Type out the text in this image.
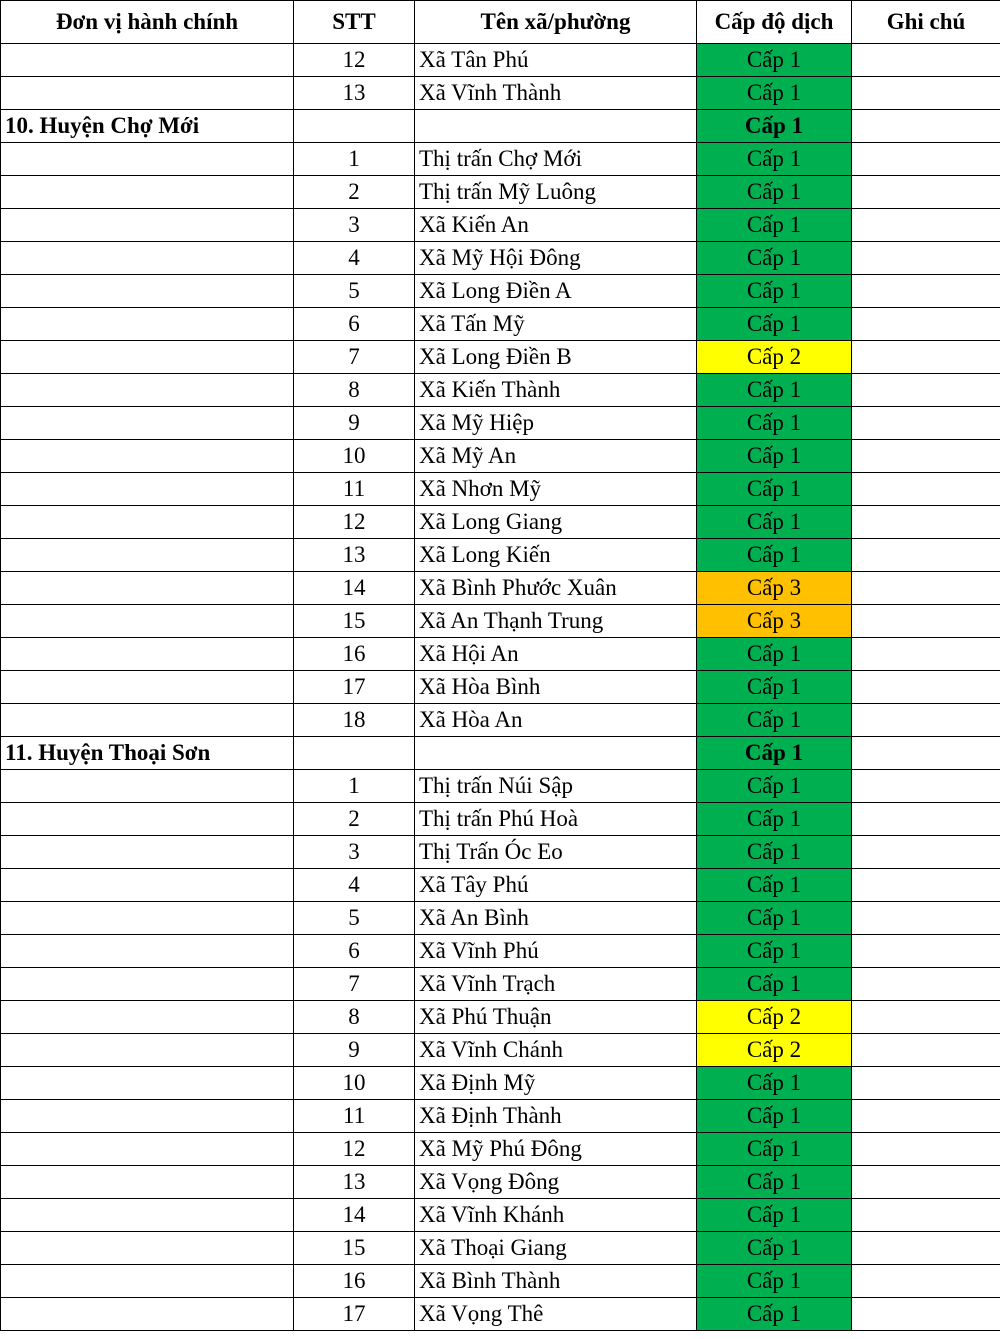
Đơn vị hành chính	STT	Tên xã/phường	Cấp độ dịch	Ghi chú
	12	Xã Tân Phú	Cấp 1	
	13	Xã Vĩnh Thành	Cấp 1	
10. Huyện Chợ Mới			Cấp 1	
	1	Thị trấn Chợ Mới	Cấp 1	
	2	Thị trấn Mỹ Luông	Cấp 1	
	3	Xã Kiến An	Cấp 1	
	4	Xã Mỹ Hội Đông	Cấp 1	
	5	Xã Long Điền A	Cấp 1	
	6	Xã Tấn Mỹ	Cấp 1	
	7	Xã Long Điền B	Cấp 2	
	8	Xã Kiến Thành	Cấp 1	
	9	Xã Mỹ Hiệp	Cấp 1	
	10	Xã Mỹ An	Cấp 1	
	11	Xã Nhơn Mỹ	Cấp 1	
	12	Xã Long Giang	Cấp 1	
	13	Xã Long Kiến	Cấp 1	
	14	Xã Bình Phước Xuân	Cấp 3	
	15	Xã An Thạnh Trung	Cấp 3	
	16	Xã Hội An	Cấp 1	
	17	Xã Hòa Bình	Cấp 1	
	18	Xã Hòa An	Cấp 1	
11. Huyện Thoại Sơn			Cấp 1	
	1	Thị trấn Núi Sập	Cấp 1	
	2	Thị trấn Phú Hoà	Cấp 1	
	3	Thị Trấn Óc Eo	Cấp 1	
	4	Xã Tây Phú	Cấp 1	
	5	Xã An Bình	Cấp 1	
	6	Xã Vĩnh Phú	Cấp 1	
	7	Xã Vĩnh Trạch	Cấp 1	
	8	Xã Phú Thuận	Cấp 2	
	9	Xã Vĩnh Chánh	Cấp 2	
	10	Xã Định Mỹ	Cấp 1	
	11	Xã Định Thành	Cấp 1	
	12	Xã Mỹ Phú Đông	Cấp 1	
	13	Xã Vọng Đông	Cấp 1	
	14	Xã Vĩnh Khánh	Cấp 1	
	15	Xã Thoại Giang	Cấp 1	
	16	Xã Bình Thành	Cấp 1	
	17	Xã Vọng Thê	Cấp 1	
